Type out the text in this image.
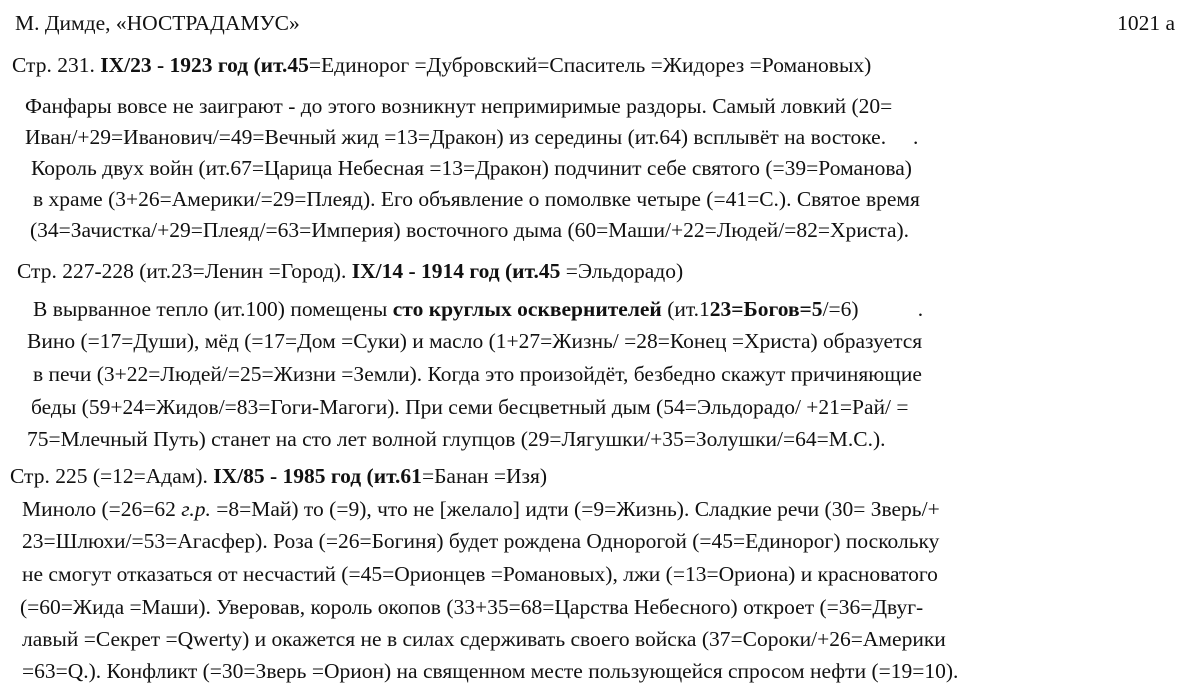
М. Димде, «НОСТРАДАМУС»	1021 a
Стр. 231. IX/23 - 1923 год (ит.45=Единорог =Дубровский=Спаситель =Жидорез =Романовых)
Фанфары вовсе не заиграют - до этого возникнут непримиримые раздоры. Самый ловкий (20=
Иван/+29=Иванович/=49=Вечный жид =13=Дракон) из середины (ит.64) всплывёт на востоке.     .
Король двух войн (ит.67=Царица Небесная =13=Дракон) подчинит себе святого (=39=Романова)
в храме (3+26=Америки/=29=Плеяд). Его объявление о помолвке четыре (=41=С.). Святое время
(34=Зачистка/+29=Плеяд/=63=Империя) восточного дыма (60=Маши/+22=Людей/=82=Христа).
Стр. 227-228 (ит.23=Ленин =Город). IX/14 - 1914 год (ит.45 =Эльдорадо)
В вырванное тепло (ит.100) помещены сто круглых осквернителей (ит.123=Богов=5/=6)           .
Вино (=17=Души), мёд (=17=Дом =Суки) и масло (1+27=Жизнь/ =28=Конец =Христа) образуется
в печи (3+22=Людей/=25=Жизни =Земли). Когда это произойдёт, безбедно скажут причиняющие
беды (59+24=Жидов/=83=Гоги-Магоги). При семи бесцветный дым (54=Эльдорадо/ +21=Рай/ =
75=Млечный Путь) станет на сто лет волной глупцов (29=Лягушки/+35=Золушки/=64=М.С.).
Стр. 225 (=12=Адам). IX/85 - 1985 год (ит.61=Банан =Изя)
Миноло (=26=62 г.р. =8=Май) то (=9), что не [желало] идти (=9=Жизнь). Сладкие речи (30= Зверь/+
23=Шлюхи/=53=Агасфер). Роза (=26=Богиня) будет рождена Однорогой (=45=Единорог) поскольку
не смогут отказаться от несчастий (=45=Орионцев =Романовых), лжи (=13=Ориона) и красноватого
(=60=Жида =Маши). Уверовав, король окопов (33+35=68=Царства Небесного) откроет (=36=Двуг-
лавый =Секрет =Qwerty) и окажется не в силах сдерживать своего войска (37=Сороки/+26=Америки
=63=Q.). Конфликт (=30=Зверь =Орион) на священном месте пользующейся спросом нефти (=19=10).
